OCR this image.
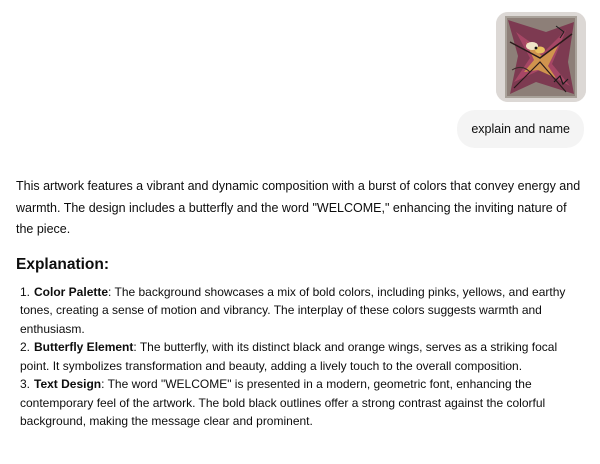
explain and name

This artwork features a vibrant and dynamic composition with a burst of colors that convey energy and warmth. The design includes a butterfly and the word "WELCOME," enhancing the inviting nature of the piece.

Explanation:
1. Color Palette: The background showcases a mix of bold colors, including pinks, yellows, and earthy tones, creating a sense of motion and vibrancy. The interplay of these colors suggests warmth and enthusiasm.
2. Butterfly Element: The butterfly, with its distinct black and orange wings, serves as a striking focal point. It symbolizes transformation and beauty, adding a lively touch to the overall composition.
3. Text Design: The word "WELCOME" is presented in a modern, geometric font, enhancing the contemporary feel of the artwork. The bold black outlines offer a strong contrast against the colorful background, making the message clear and prominent.
